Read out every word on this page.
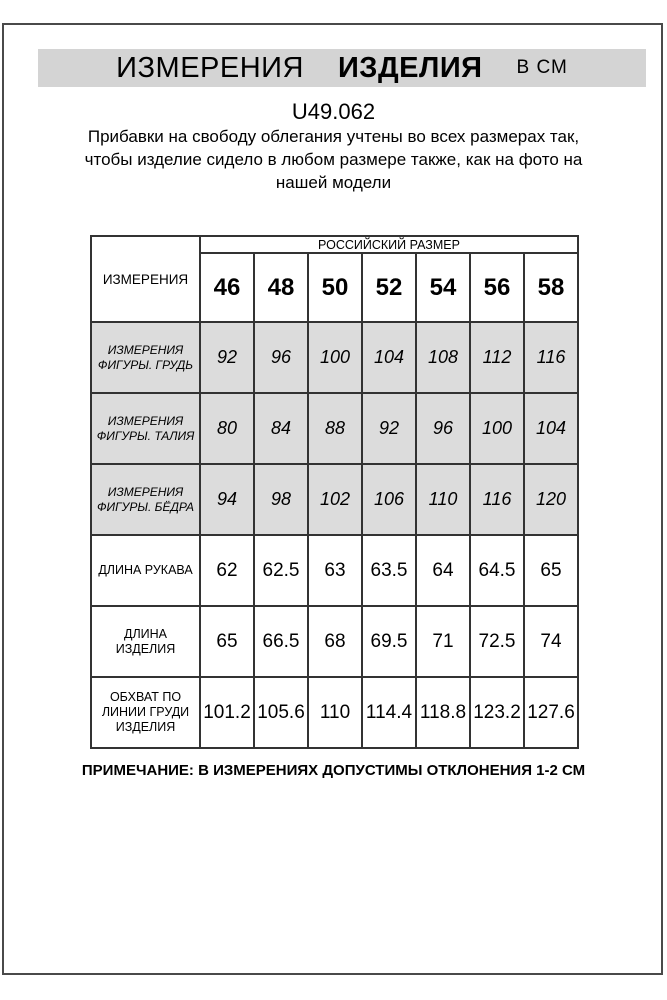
ИЗМЕРЕНИЯ ИЗДЕЛИЯ В СМ
U49.062
Прибавки на свободу облегания учтены во всех размерах так,
чтобы изделие сидело в любом размере также, как на фото на
нашей модели
ИЗМЕРЕНИЯ	РОССИЙСКИЙ РАЗМЕР						
	46	48	50	52	54	56	58
ИЗМЕРЕНИЯ ФИГУРЫ. ГРУДЬ	92	96	100	104	108	112	116
ИЗМЕРЕНИЯ ФИГУРЫ. ТАЛИЯ	80	84	88	92	96	100	104
ИЗМЕРЕНИЯ ФИГУРЫ. БЁДРА	94	98	102	106	110	116	120
ДЛИНА РУКАВА	62	62.5	63	63.5	64	64.5	65
ДЛИНА ИЗДЕЛИЯ	65	66.5	68	69.5	71	72.5	74
ОБХВАТ ПО ЛИНИИ ГРУДИ ИЗДЕЛИЯ	101.2	105.6	110	114.4	118.8	123.2	127.6
ПРИМЕЧАНИЕ: В ИЗМЕРЕНИЯХ ДОПУСТИМЫ ОТКЛОНЕНИЯ 1-2 СМ
